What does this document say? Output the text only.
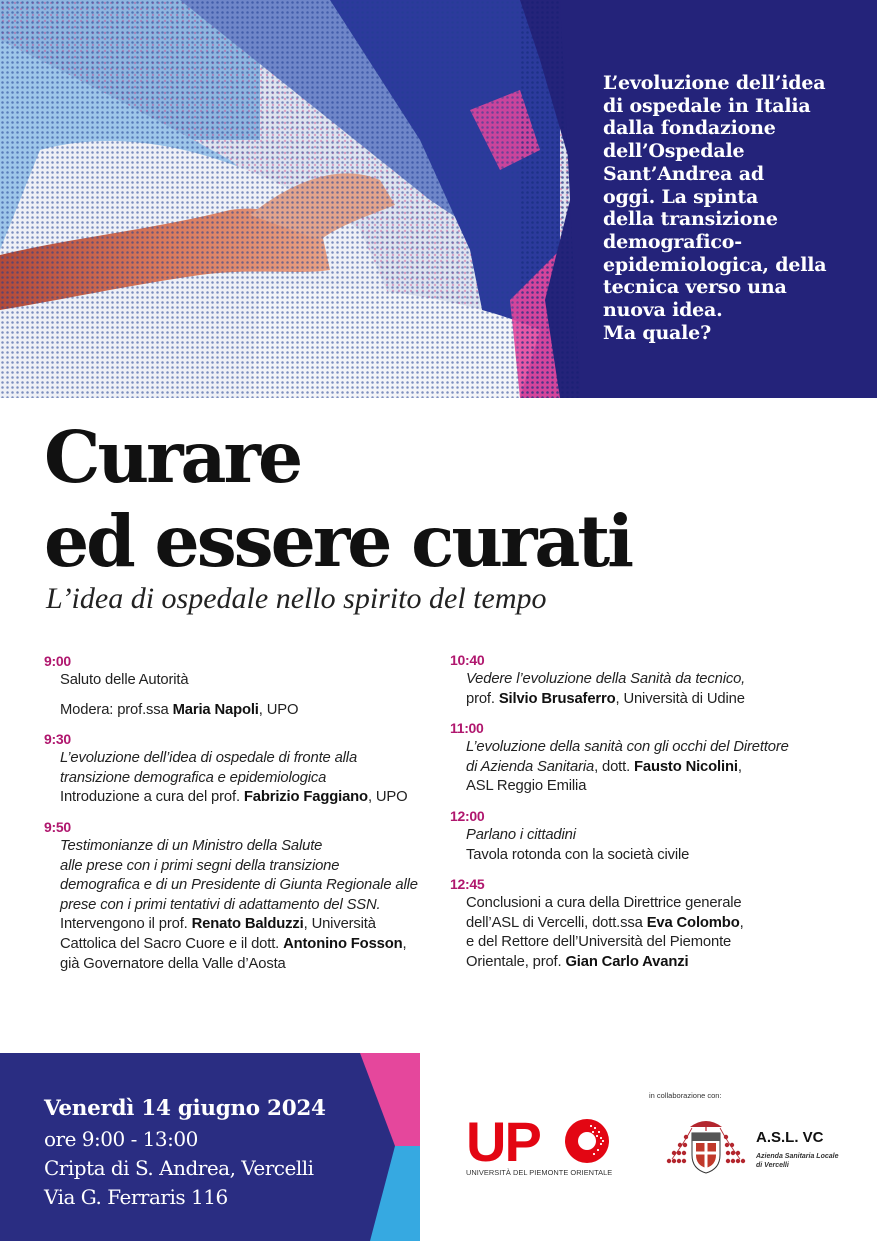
L’evoluzione dell’idea
di ospedale in Italia
dalla fondazione
dell’Ospedale
Sant’Andrea ad
oggi. La spinta
della transizione
demografico-
epidemiologica, della
tecnica verso una
nuova idea.
Ma quale?
Curare
ed essere curati
L’idea di ospedale nello spirito del tempo
9:00
Saluto delle Autorità
Modera: prof.ssa Maria Napoli, UPO
9:30
L’evoluzione dell’idea di ospedale di fronte alla
transizione demografica e epidemiologica
Introduzione a cura del prof. Fabrizio Faggiano, UPO
9:50
Testimonianze di un Ministro della Salute
alle prese con i primi segni della transizione
demografica e di un Presidente di Giunta Regionale alle
prese con i primi tentativi di adattamento del SSN.
Intervengono il prof. Renato Balduzzi, Università
Cattolica del Sacro Cuore e il dott. Antonino Fosson,
già Governatore della Valle d’Aosta
10:40
Vedere l’evoluzione della Sanità da tecnico,
prof. Silvio Brusaferro, Università di Udine
11:00
L’evoluzione della sanità con gli occhi del Direttore
di Azienda Sanitaria, dott. Fausto Nicolini,
ASL Reggio Emilia
12:00
Parlano i cittadini
Tavola rotonda con la società civile
12:45
Conclusioni a cura della Direttrice generale
dell’ASL di Vercelli, dott.ssa Eva Colombo,
e del Rettore dell’Università del Piemonte
Orientale, prof. Gian Carlo Avanzi
Venerdì 14 giugno 2024
ore 9:00 - 13:00
Cripta di S. Andrea, Vercelli
Via G. Ferraris 116
UP
UNIVERSITÀ DEL PIEMONTE ORIENTALE
in collaborazione con:
A.S.L. VC
Azienda Sanitaria Locale
di Vercelli
